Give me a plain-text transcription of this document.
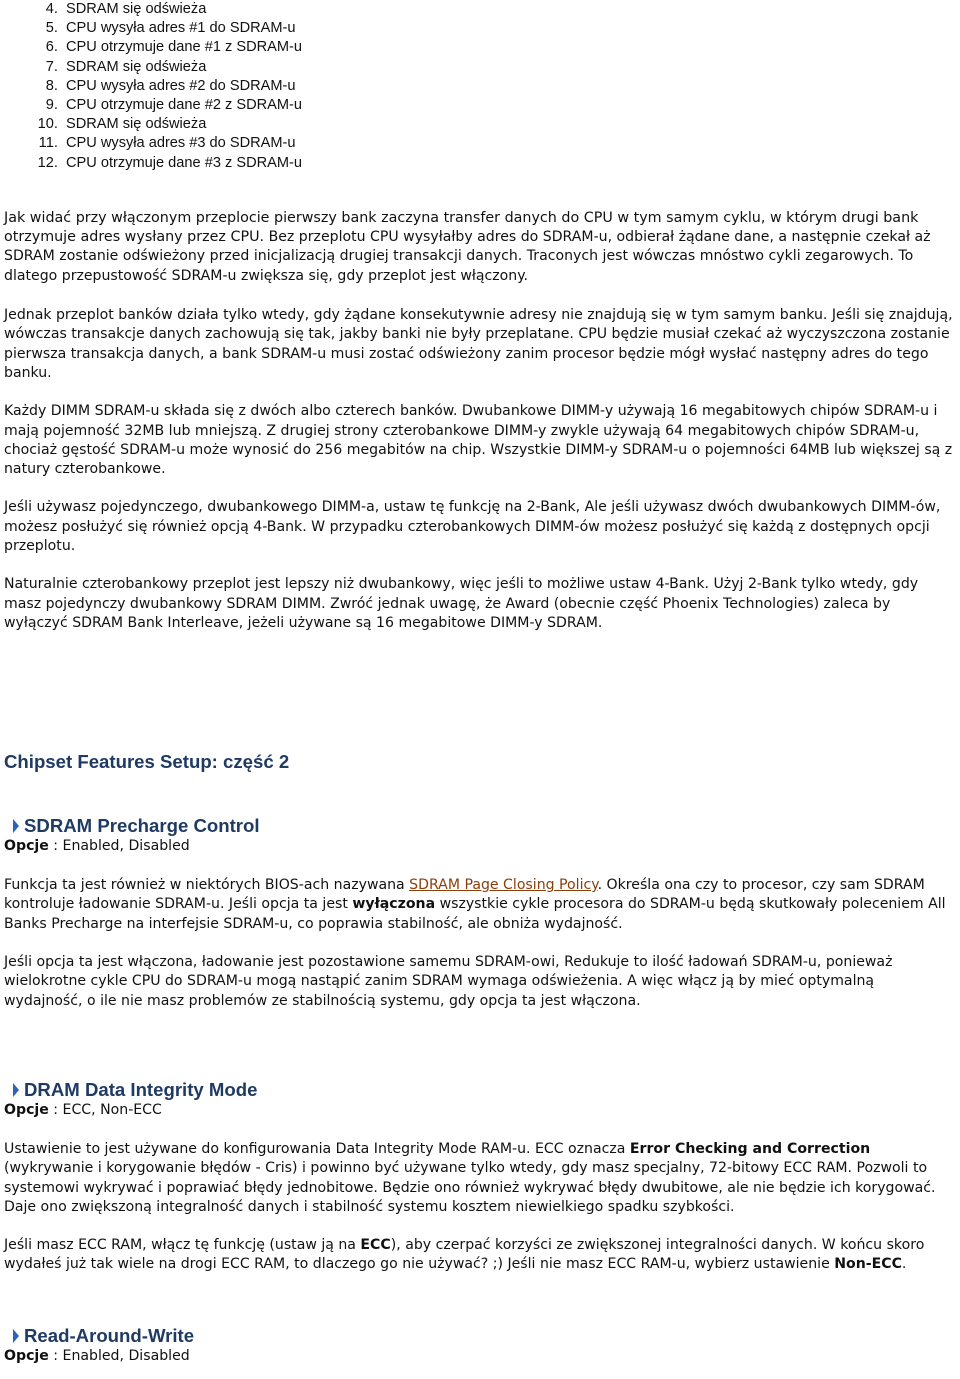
4 . SDRAM się odświeża
5 . CPU wysyła adres #1 do SDRAM-u
6 . CPU otrzymuje dane #1 z SDRAM-u
7 . SDRAM się odświeża
8 . CPU wysyła adres #2 do SDRAM-u
9 . CPU otrzymuje dane #2 z SDRAM-u
10 . SDRAM się odświeża
11 . CPU wysyła adres #3 do SDRAM-u
12 . CPU otrzymuje dane #3 z SDRAM-u

Jak widać przy włączonym przeplocie pierwszy bank zaczyna transfer danych do CPU w tym samym cyklu, w którym drugi bank otrzymuje adres wysłany przez CPU. Bez przeplotu CPU wysyłałby adres do SDRAM-u, odbierał żądane dane, a następnie czekał aż SDRAM zostanie odświeżony przed inicjalizacją drugiej transakcji danych. Traconych jest wówczas mnóstwo cykli zegarowych. To dlatego przepustowość SDRAM-u zwiększa się, gdy przeplot jest włączony.

Jednak przeplot banków działa tylko wtedy, gdy żądane konsekutywnie adresy nie znajdują się w tym samym banku. Jeśli się znajdują, wówczas transakcje danych zachowują się tak, jakby banki nie były przeplatane. CPU będzie musiał czekać aż wyczyszczona zostanie pierwsza transakcja danych, a bank SDRAM-u musi zostać odświeżony zanim procesor będzie mógł wysłać następny adres do tego banku.

Każdy DIMM SDRAM-u składa się z dwóch albo czterech banków. Dwubankowe DIMM-y używają 16 megabitowych chipów SDRAM-u i mają pojemność 32MB lub mniejszą. Z drugiej strony czterobankowe DIMM-y zwykle używają 64 megabitowych chipów SDRAM-u, chociaż gęstość SDRAM-u może wynosić do 256 megabitów na chip. Wszystkie DIMM-y SDRAM-u o pojemności 64MB lub większej są z natury czterobankowe.

Jeśli używasz pojedynczego, dwubankowego DIMM-a, ustaw tę funkcję na 2-Bank, Ale jeśli używasz dwóch dwubankowych DIMM-ów, możesz posłużyć się również opcją 4-Bank. W przypadku czterobankowych DIMM-ów możesz posłużyć się każdą z dostępnych opcji przeplotu.

Naturalnie czterobankowy przeplot jest lepszy niż dwubankowy, więc jeśli to możliwe ustaw 4-Bank. Użyj 2-Bank tylko wtedy, gdy masz pojedynczy dwubankowy SDRAM DIMM. Zwróć jednak uwagę, że Award (obecnie część Phoenix Technologies) zaleca by wyłączyć SDRAM Bank Interleave, jeżeli używane są 16 megabitowe DIMM-y SDRAM.

Chipset Features Setup: część 2
SDRAM Precharge Control
Opcje : Enabled, Disabled

Funkcja ta jest również w niektórych BIOS-ach nazywana SDRAM Page Closing Policy. Określa ona czy to procesor, czy sam SDRAM kontroluje ładowanie SDRAM-u. Jeśli opcja ta jest wyłączona wszystkie cykle procesora do SDRAM-u będą skutkowały poleceniem All Banks Precharge na interfejsie SDRAM-u, co poprawia stabilność, ale obniża wydajność.

Jeśli opcja ta jest włączona, ładowanie jest pozostawione samemu SDRAM-owi, Redukuje to ilość ładowań SDRAM-u, ponieważ wielokrotne cykle CPU do SDRAM-u mogą nastąpić zanim SDRAM wymaga odświeżenia. A więc włącz ją by mieć optymalną wydajność, o ile nie masz problemów ze stabilnością systemu, gdy opcja ta jest włączona.

DRAM Data Integrity Mode
Opcje : ECC, Non-ECC

Ustawienie to jest używane do konfigurowania Data Integrity Mode RAM-u. ECC oznacza Error Checking and Correction (wykrywanie i korygowanie błędów - Cris) i powinno być używane tylko wtedy, gdy masz specjalny, 72-bitowy ECC RAM. Pozwoli to systemowi wykrywać i poprawiać błędy jednobitowe. Będzie ono również wykrywać błędy dwubitowe, ale nie będzie ich korygować. Daje ono zwiększoną integralność danych i stabilność systemu kosztem niewielkiego spadku szybkości.

Jeśli masz ECC RAM, włącz tę funkcję (ustaw ją na ECC), aby czerpać korzyści ze zwiększonej integralności danych. W końcu skoro wydałeś już tak wiele na drogi ECC RAM, to dlaczego go nie używać? ;) Jeśli nie masz ECC RAM-u, wybierz ustawienie Non-ECC.

Read-Around-Write
Opcje : Enabled, Disabled
